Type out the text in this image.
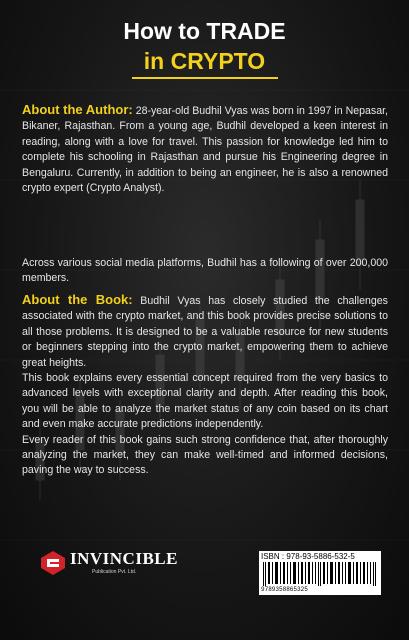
How to TRADE
in CRYPTO
About the Author: 28-year-old Budhil Vyas was born in 1997 in Nepasar, Bikaner, Rajasthan. From a young age, Budhil developed a keen interest in reading, along with a love for travel. This passion for knowledge led him to complete his schooling in Rajasthan and pursue his Engineering degree in Bengaluru. Currently, in addition to being an engineer, he is also a renowned crypto expert (Crypto Analyst).
Across various social media platforms, Budhil has a following of over 200,000 members.
About the Book: Budhil Vyas has closely studied the challenges associated with the crypto market, and this book provides precise solutions to all those problems. It is designed to be a valuable resource for new students or beginners stepping into the crypto market, empowering them to achieve great heights.
This book explains every essential concept required from the very basics to advanced levels with exceptional clarity and depth. After reading this book, you will be able to analyze the market status of any coin based on its chart and even make accurate predictions independently.
Every reader of this book gains such strong confidence that, after thoroughly analyzing the market, they can make well-timed and informed decisions, paving the way to success.
INVINCIBLE
Publication Pvt. Ltd.
ISBN : 978-93-5886-532-5
9789358865325
